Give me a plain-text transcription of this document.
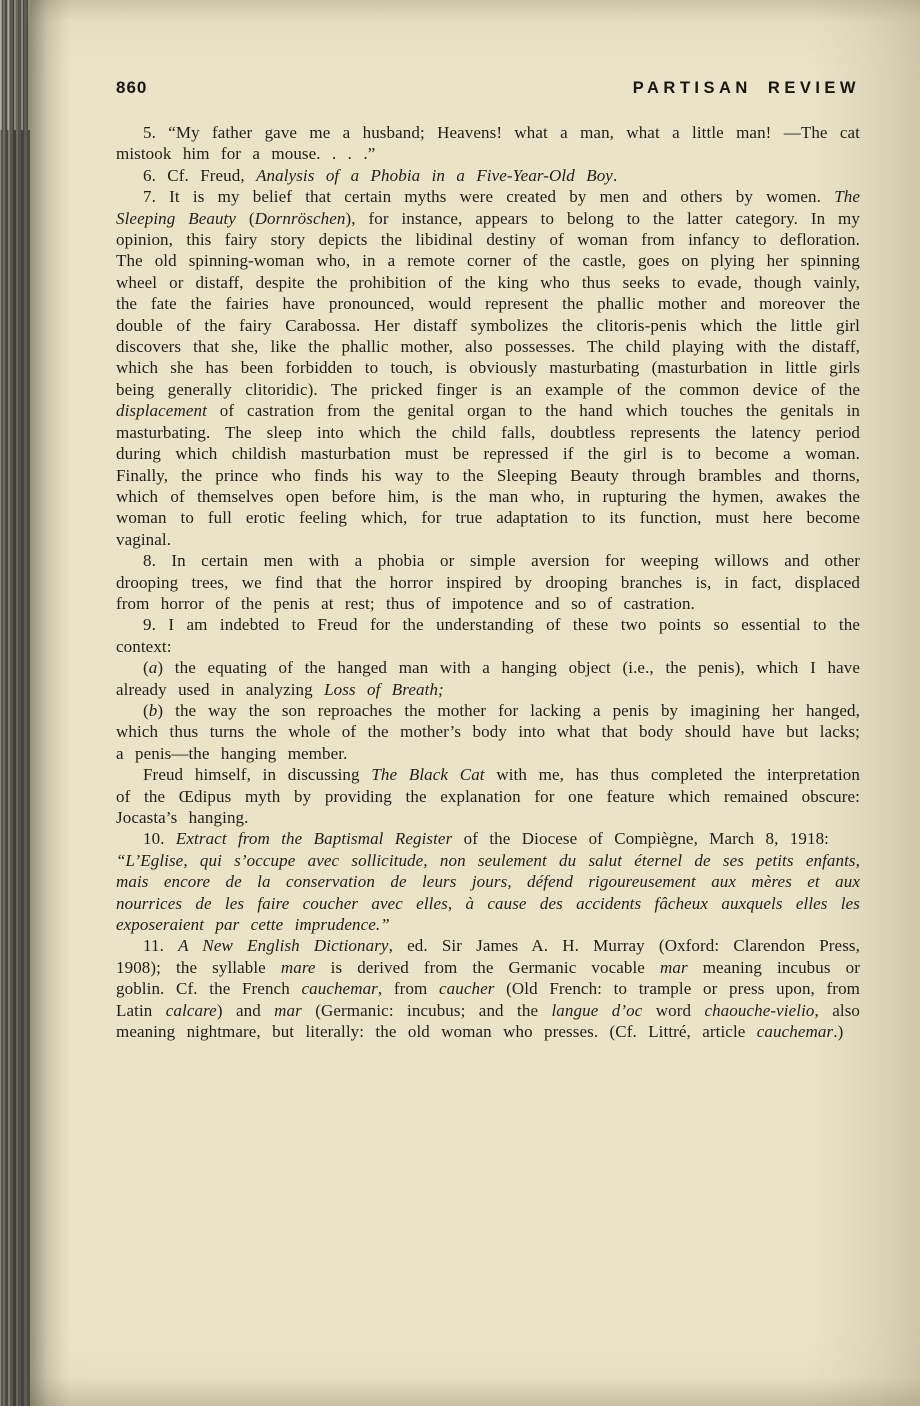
860	PARTISAN REVIEW

5. “My father gave me a husband; Heavens! what a man, what a little man! —The cat mistook him for a mouse. . . .”

6. Cf. Freud, Analysis of a Phobia in a Five-Year-Old Boy.

7. It is my belief that certain myths were created by men and others by women. The Sleeping Beauty (Dornröschen), for instance, appears to belong to the latter category. In my opinion, this fairy story depicts the libidinal destiny of woman from infancy to defloration. The old spinning-woman who, in a remote corner of the castle, goes on plying her spinning wheel or distaff, despite the prohibition of the king who thus seeks to evade, though vainly, the fate the fairies have pronounced, would represent the phallic mother and moreover the double of the fairy Carabossa. Her distaff symbolizes the clitoris-penis which the little girl discovers that she, like the phallic mother, also possesses. The child playing with the distaff, which she has been forbidden to touch, is obviously masturbating (masturbation in little girls being generally clitoridic). The pricked finger is an example of the common device of the displacement of castration from the genital organ to the hand which touches the genitals in masturbating. The sleep into which the child falls, doubtless represents the latency period during which childish masturbation must be repressed if the girl is to become a woman. Finally, the prince who finds his way to the Sleeping Beauty through brambles and thorns, which of themselves open before him, is the man who, in rupturing the hymen, awakes the woman to full erotic feeling which, for true adaptation to its function, must here become vaginal.

8. In certain men with a phobia or simple aversion for weeping willows and other drooping trees, we find that the horror inspired by drooping branches is, in fact, displaced from horror of the penis at rest; thus of impotence and so of castration.

9. I am indebted to Freud for the understanding of these two points so essential to the context:

(a) the equating of the hanged man with a hanging object (i.e., the penis), which I have already used in analyzing Loss of Breath;

(b) the way the son reproaches the mother for lacking a penis by imagining her hanged, which thus turns the whole of the mother’s body into what that body should have but lacks; a penis—the hanging member.

Freud himself, in discussing The Black Cat with me, has thus completed the interpretation of the Œdipus myth by providing the explanation for one feature which remained obscure: Jocasta’s hanging.

10. Extract from the Baptismal Register of the Diocese of Compiègne, March 8, 1918:

“L’Eglise, qui s’occupe avec sollicitude, non seulement du salut éternel de ses petits enfants, mais encore de la conservation de leurs jours, défend rigoureusement aux mères et aux nourrices de les faire coucher avec elles, à cause des accidents fâcheux auxquels elles les exposeraient par cette imprudence.”

11. A New English Dictionary, ed. Sir James A. H. Murray (Oxford: Clarendon Press, 1908); the syllable mare is derived from the Germanic vocable mar meaning incubus or goblin. Cf. the French cauchemar, from caucher (Old French: to trample or press upon, from Latin calcare) and mar (Germanic: incubus; and the langue d’oc word chaouche-vielio, also meaning nightmare, but literally: the old woman who presses. (Cf. Littré, article cauchemar.)
